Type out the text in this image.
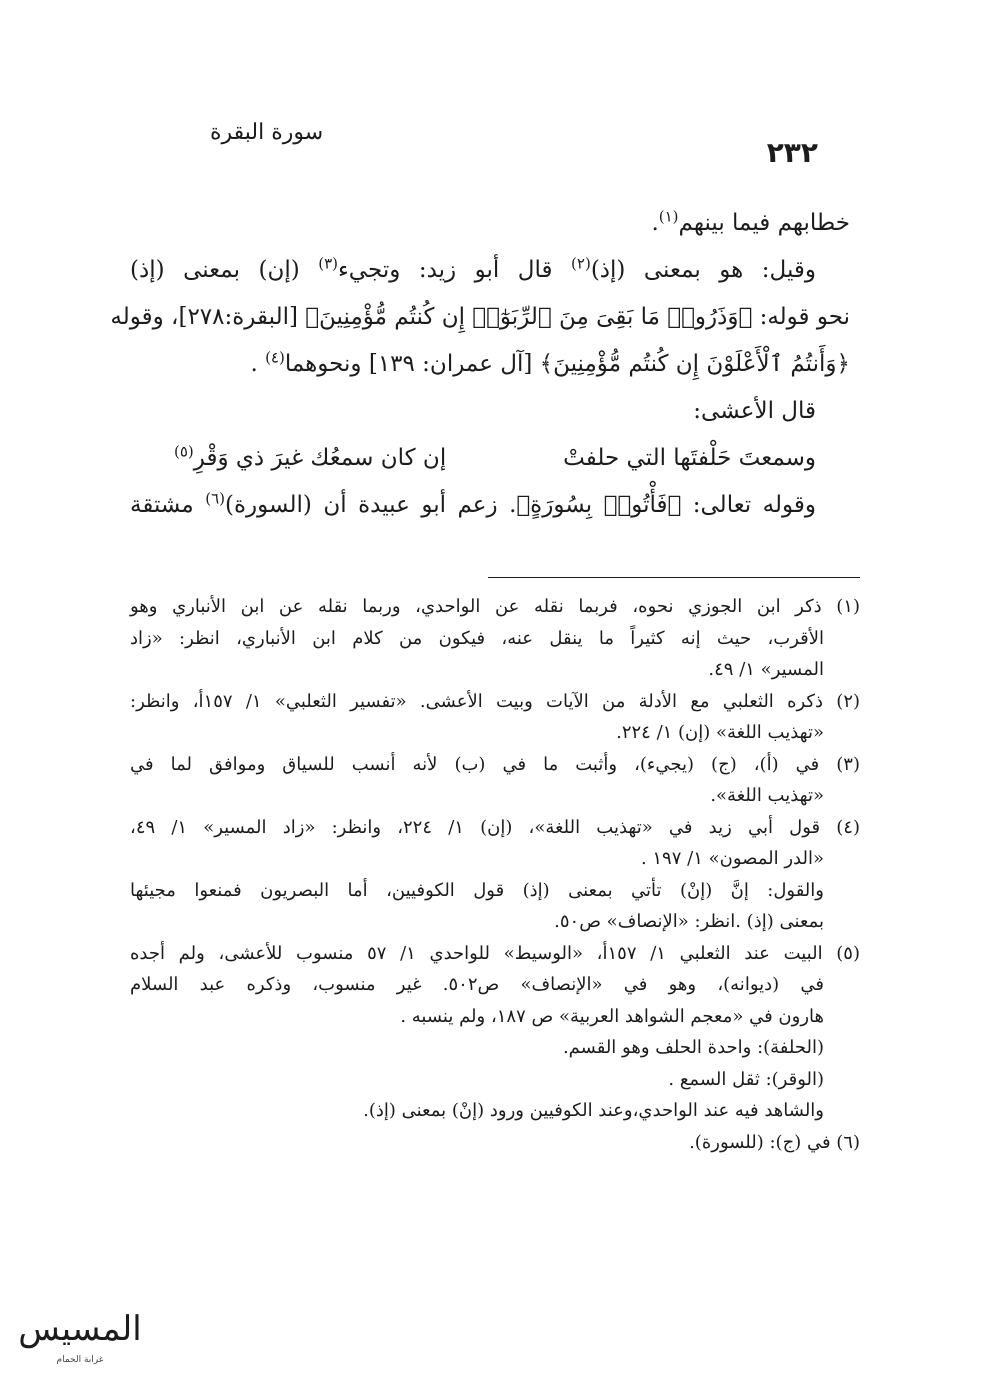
٢٣٢
سورة البقرة
خطابهم فيما بينهم$^{(١)}$.
وقيل: هو بمعنى (إذ)$^{(٢)}$ قال أبو زيد: وتجيء$^{(٣)}$ (إن) بمعنى (إذ)
نحو قوله: ﴿وَذَرُوا۟ مَا بَقِىَ مِنَ ٱلرِّبَوٰٓا۟ إِن كُنتُم مُّؤْمِنِينَ﴾ [البقرة:٢٧٨]، وقوله
﴿وَأَنتُمُ ٱلْأَعْلَوْنَ إِن كُنتُم مُّؤْمِنِينَ﴾ [آل عمران: ١٣٩] ونحوهما$^{(٤)}$ .
قال الأعشى:
وسمعتَ حَلْفتَها التي حلفتْ
إن كان سمعُك غيرَ ذي وَقْرِ$^{(٥)}$
وقوله تعالى: ﴿فَأْتُوا۟ بِسُورَةٍ﴾. زعم أبو عبيدة أن (السورة)$^{(٦)}$ مشتقة
(١) ذكر ابن الجوزي نحوه، فربما نقله عن الواحدي، وربما نقله عن ابن الأنباري وهو
الأقرب، حيث إنه كثيراً ما ينقل عنه، فيكون من كلام ابن الأنباري، انظر: «زاد
المسير» ١/ ٤٩.
(٢) ذكره الثعلبي مع الأدلة من الآيات وبيت الأعشى. «تفسير الثعلبي» ١/ ١٥٧أ، وانظر:
«تهذيب اللغة» (إن) ١/ ٢٢٤.
(٣) في (أ)، (ج) (يجيء)، وأثبت ما في (ب) لأنه أنسب للسياق وموافق لما في
«تهذيب اللغة».
(٤) قول أبي زيد في «تهذيب اللغة»، (إن) ١/ ٢٢٤، وانظر: «زاد المسير» ١/ ٤٩،
«الدر المصون» ١/ ١٩٧ .
والقول: إنَّ (إنْ) تأتي بمعنى (إذ) قول الكوفيين، أما البصريون فمنعوا مجيئها
بمعنى (إذ) .انظر: «الإنصاف» ص٥٠.
(٥) البيت عند الثعلبي ١/ ١٥٧أ، «الوسيط» للواحدي ١/ ٥٧ منسوب للأعشى، ولم أجده
في (ديوانه)، وهو في «الإنصاف» ص٥٠٢. غير منسوب، وذكره عبد السلام
هارون في «معجم الشواهد العربية» ص ١٨٧، ولم ينسبه .
(الحلفة): واحدة الحلف وهو القسم.
(الوقر): ثقل السمع .
والشاهد فيه عند الواحدي،وعند الكوفيين ورود (إنْ) بمعنى (إذ).
(٦) في (ج): (للسورة).
المسيس
غرابة الحمام
